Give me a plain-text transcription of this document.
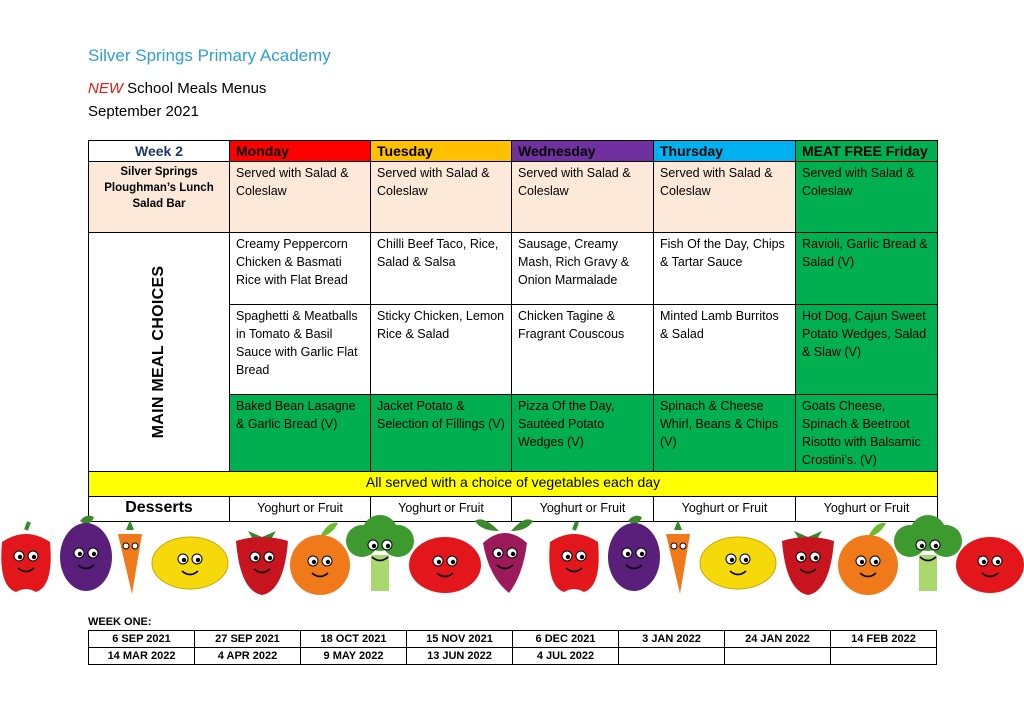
Silver Springs Primary Academy
NEW School Meals Menus
September 2021
Week 2	Monday	Tuesday	Wednesday	Thursday	MEAT FREE Friday
Silver Springs Ploughman’s Lunch Salad Bar	Served with Salad & Coleslaw	Served with Salad & Coleslaw	Served with Salad & Coleslaw	Served with Salad & Coleslaw	Served with Salad & Coleslaw

MAIN MEAL CHOICES	Creamy Peppercorn Chicken & Basmati Rice with Flat Bread	Chilli Beef Taco, Rice, Salad & Salsa	Sausage, Creamy Mash, Rich Gravy & Onion Marmalade	Fish Of the Day, Chips & Tartar Sauce	Ravioli, Garlic Bread & Salad (V)
	Spaghetti & Meatballs in Tomato & Basil Sauce with Garlic Flat Bread	Sticky Chicken, Lemon Rice & Salad	Chicken Tagine & Fragrant Couscous	Minted Lamb Burritos & Salad	Hot Dog, Cajun Sweet Potato Wedges, Salad & Slaw (V)
	Baked Bean Lasagne & Garlic Bread (V)	Jacket Potato & Selection of Fillings (V)	Pizza Of the Day, Sautéed Potato Wedges (V)	Spinach & Cheese Whirl, Beans & Chips (V)	Goats Cheese, Spinach & Beetroot Risotto with Balsamic Crostini’s. (V)
All served with a choice of vegetables each day					
Desserts	Yoghurt or Fruit	Yoghurt or Fruit	Yoghurt or Fruit	Yoghurt or Fruit	Yoghurt or Fruit
WEEK ONE:
6 SEP 2021	27 SEP 2021	18 OCT 2021	15 NOV 2021	6 DEC 2021	3 JAN 2022	24 JAN 2022	14 FEB 2022
14 MAR 2022	4 APR 2022	9 MAY 2022	13 JUN 2022	4 JUL 2022			
